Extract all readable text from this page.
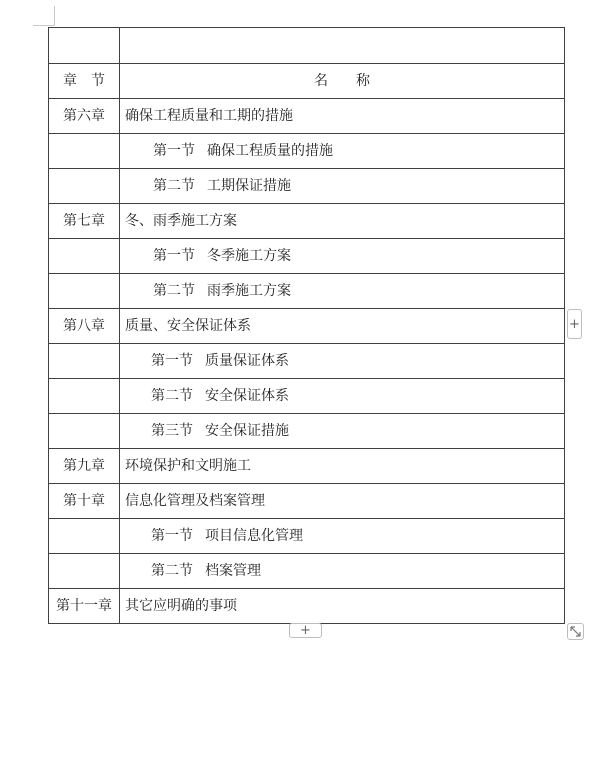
章　节	名　　称
第六章	确保工程质量和工期的措施
	第一节 确保工程质量的措施
	第二节 工期保证措施
第七章	冬、雨季施工方案
	第一节 冬季施工方案
	第二节 雨季施工方案
第八章	质量、安全保证体系
	第一节 质量保证体系
	第二节 安全保证体系
	第三节 安全保证措施
第九章	环境保护和文明施工
第十章	信息化管理及档案管理
	第一节 项目信息化管理
	第二节 档案管理
第十一章	其它应明确的事项
+
+
